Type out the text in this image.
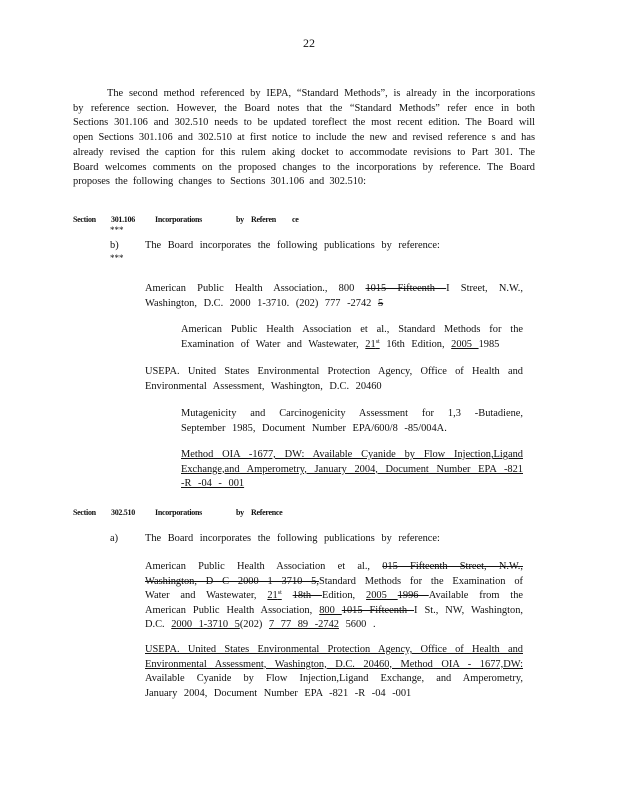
22

The second method referenced by IEPA, “Standard Methods”, is already in the incorporations by reference section. However, the Board notes that the “Standard Methods” refer ence in both Sections 301.106 and 302.510 needs to be updated toreflect the most recent edition. The Board will open Sections 301.106 and 302.510 at first notice to include the new and revised reference s and has already revised the caption for this rulem aking docket to accommodate revisions to Part 301. The Board welcomes comments on the proposed changes to the incorporations by reference. The Board proposes the following changes to Sections 301.106 and 302.510:

Section 301.106	Incorporations	by Referen ce
***
b)	The Board incorporates the following publications by reference:
***

American Public Health Association., 800 1015 Fifteenth I Street, N.W., Washington, D.C. 2000 1-3710. (202) 777 -2742 5

American Public Health Association et al., Standard Methods for the Examination of Water and Wastewater, 21st 16th Edition, 2005 1985

USEPA. United States Environmental Protection Agency, Office of Health and Environmental Assessment, Washington, D.C. 20460

Mutagenicity and Carcinogenicity Assessment for 1,3 -Butadiene, September 1985, Document Number EPA/600/8 -85/004A.

Method OIA -1677, DW: Available Cyanide by Flow Injection,Ligand Exchange,and Amperometry, January 2004, Document Number EPA -821 -R -04 - 001

Section 302.510	Incorporations	by Reference
a)	The Board incorporates the following publications by reference:

American Public Health Association et al., 015 Fifteenth Street, N.W., Washington, D C 2000 1 3710 5,Standard Methods for the Examination of Water and Wastewater, 21st 18th Edition, 2005 1996 Available from the American Public Health Association, 800 1015 Fifteenth I St., NW, Washington, D.C. 2000 1-3710 5(202) 7 77 89 -2742 5600 .

USEPA. United States Environmental Protection Agency, Office of Health and Environmental Assessment, Washington, D.C. 20460, Method OIA - 1677,DW: Available Cyanide by Flow Injection,Ligand Exchange, and Amperometry, January 2004, Document Number EPA -821 -R -04 -001
